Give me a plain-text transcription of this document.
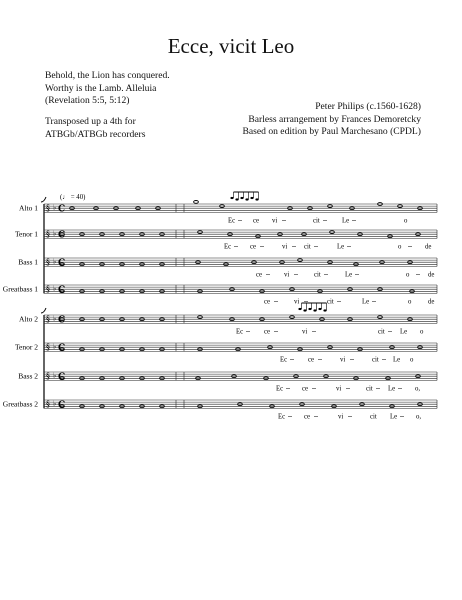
Ecce, vicit Leo
Behold, the Lion has conquered.
Worthy is the Lamb. Alleluia
(Revelation 5:5, 5:12)
Transposed up a 4th for
ATBGb/ATBGb recorders
Peter Philips (c.1560-1628)
Barless arrangement by Frances Demoretcky
Based on edition by Paul Marchesano (CPDL)
(♩ = 40)
Alto 1 § ♭ C
Ec	ce vi	cit	Le	o
Tenor 1 § ♭ C
Ec	ce	vi cit	Le	o	de
Bass 1 § ♭ C
ce	vi	cit	Le	o	de
Greatbass 1 § ♭ C
ce	vi	cit	Le	o de
Alto 2 § ♭ C
Ec	ce	vi	cit Le o
Tenor 2 § ♭ C
Ec	ce	vi	cit Le o
Bass 2 § ♭ C
Ec	ce	vi	cit Le	o,
Greatbass 2 § ♭ C
Ec	ce	vi	cit Le	o,
